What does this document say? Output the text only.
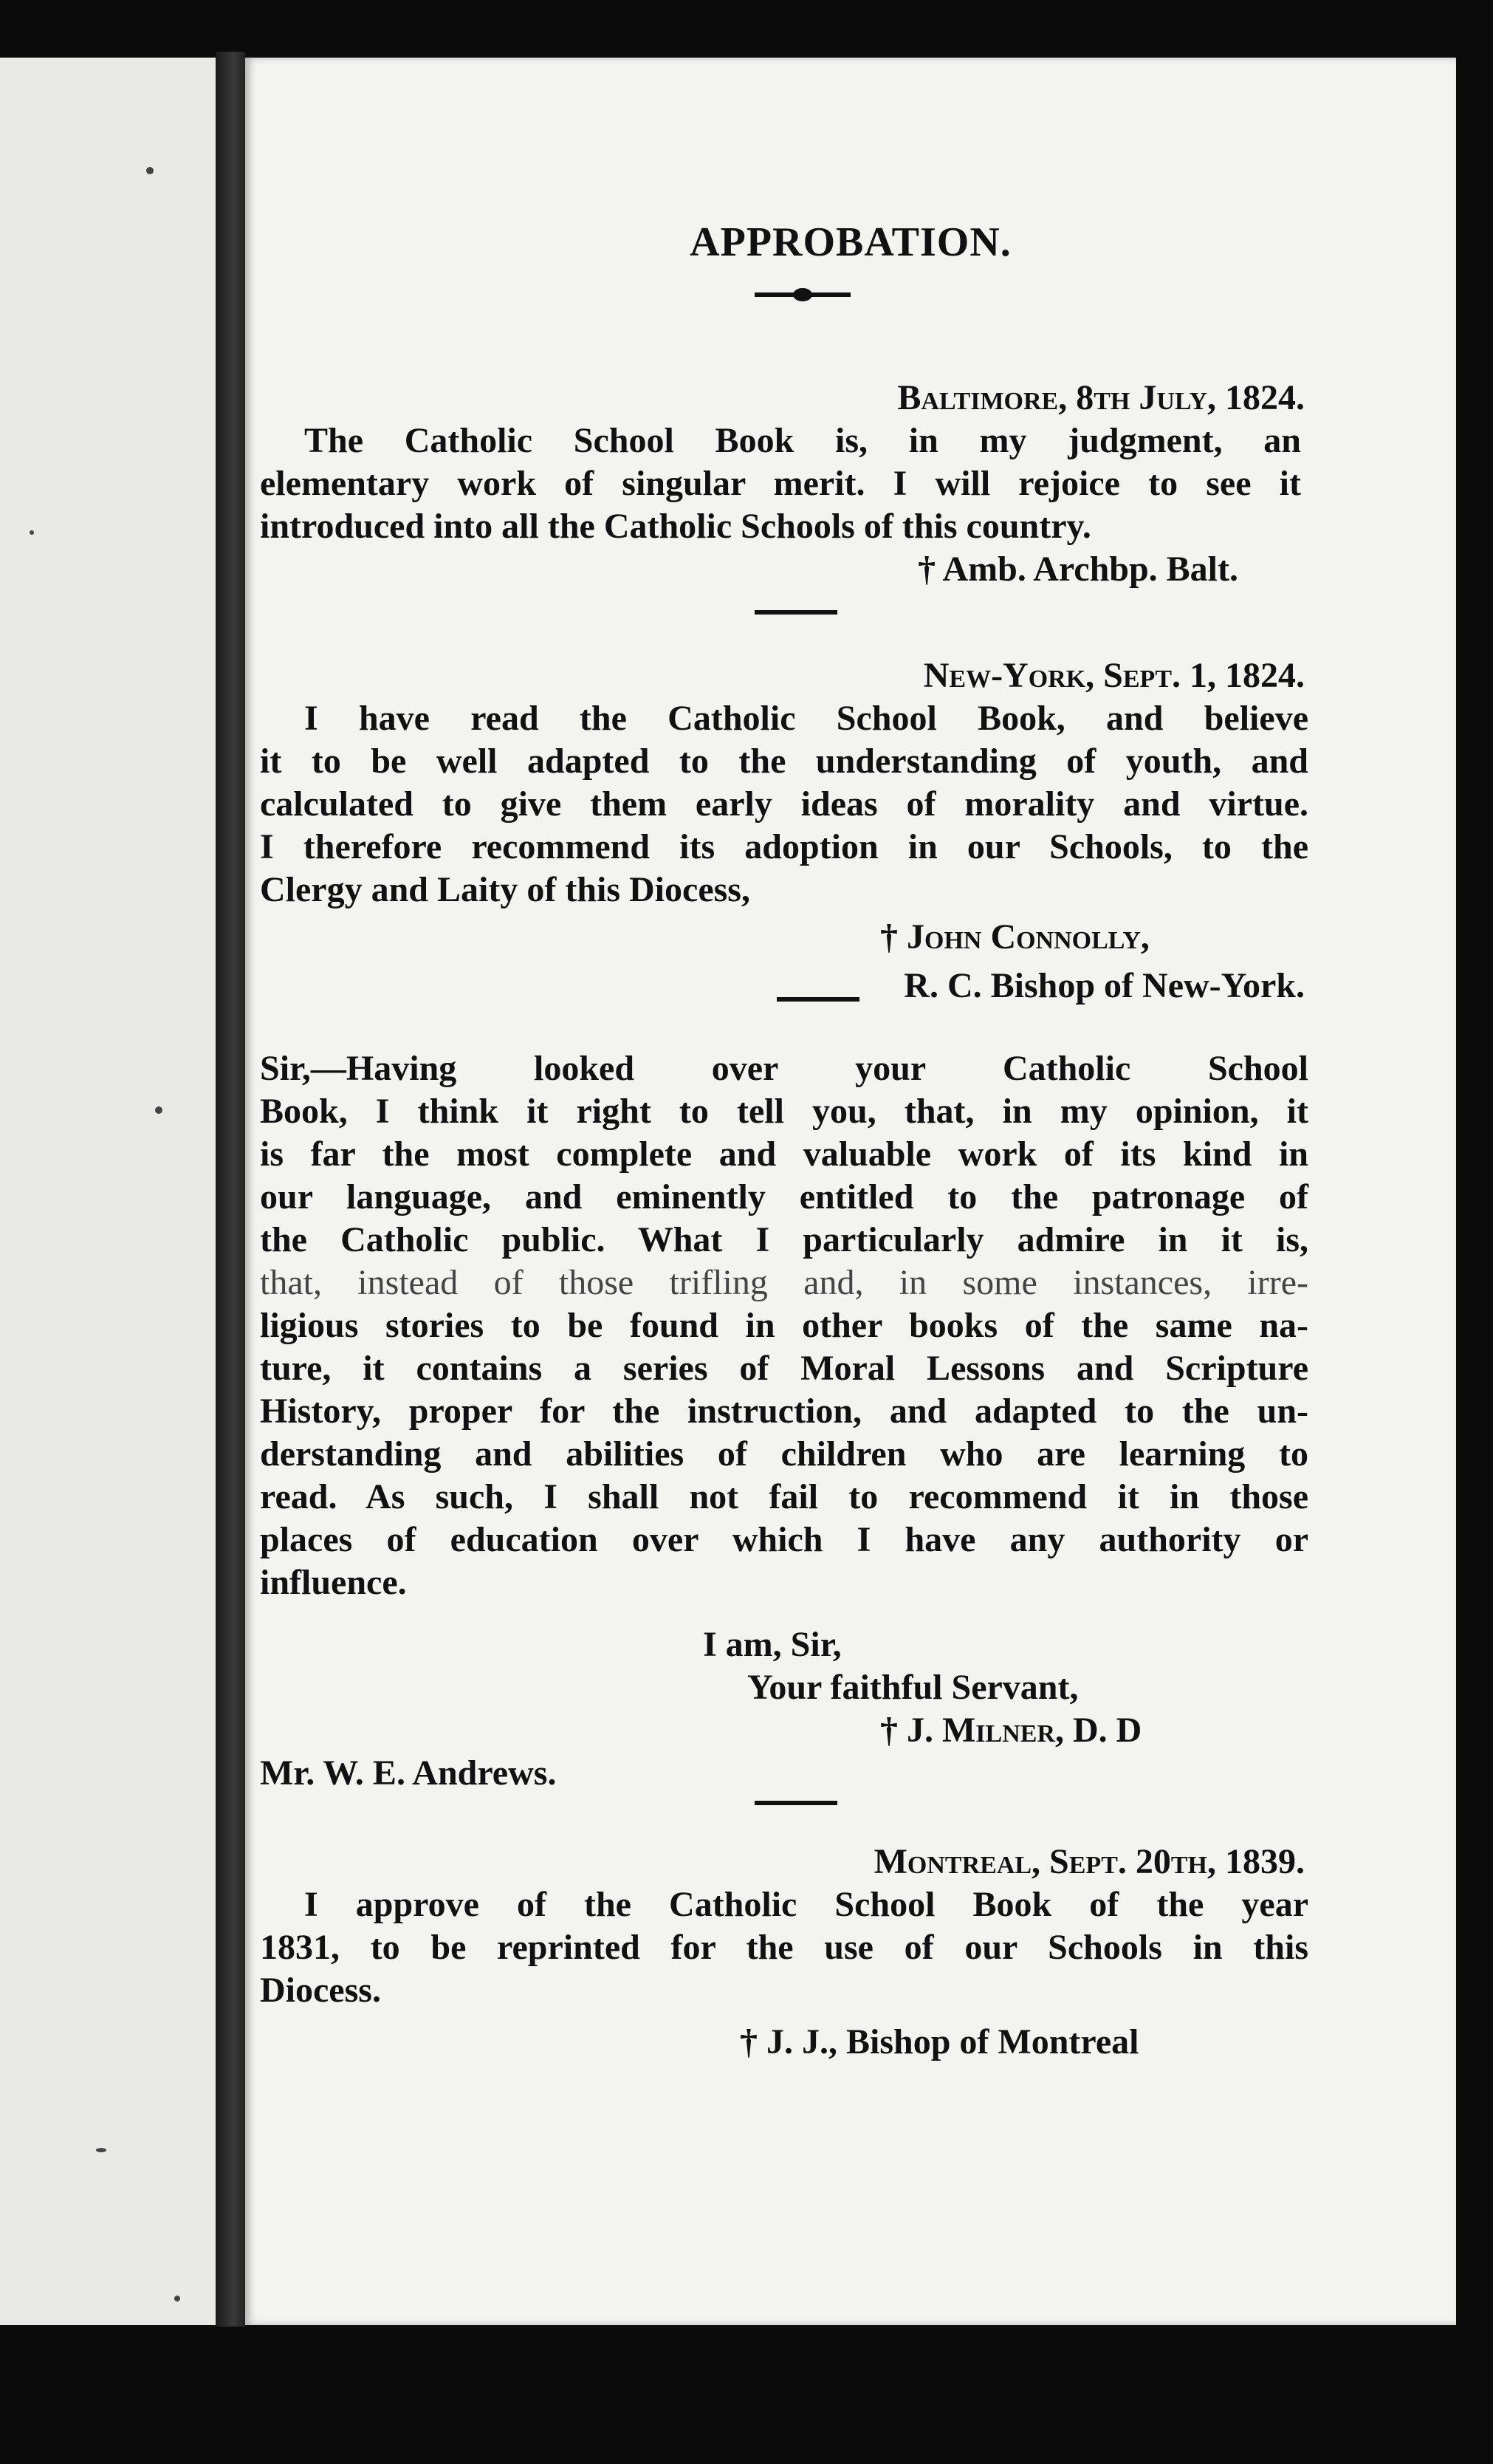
APPROBATION.
Baltimore, 8th July, 1824.
The Catholic School Book is, in my judgment, an
elementary work of singular merit. I will rejoice to see it
introduced into all the Catholic Schools of this country.
† Amb. Archbp. Balt.
New-York, Sept. 1, 1824.
I have read the Catholic School Book, and believe
it to be well adapted to the understanding of youth, and
calculated to give them early ideas of morality and virtue.
I therefore recommend its adoption in our Schools, to the
Clergy and Laity of this Diocess,
† John Connolly,
R. C. Bishop of New-York.
Sir,—Having looked over your Catholic School
Book, I think it right to tell you, that, in my opinion, it
is far the most complete and valuable work of its kind in
our language, and eminently entitled to the patronage of
the Catholic public. What I particularly admire in it is,
that, instead of those trifling and, in some instances, irre-
ligious stories to be found in other books of the same na-
ture, it contains a series of Moral Lessons and Scripture
History, proper for the instruction, and adapted to the un-
derstanding and abilities of children who are learning to
read. As such, I shall not fail to recommend it in those
places of education over which I have any authority or
influence.
I am, Sir,
Your faithful Servant,
† J. Milner, D. D
Mr. W. E. Andrews.
Montreal, Sept. 20th, 1839.
I approve of the Catholic School Book of the year
1831, to be reprinted for the use of our Schools in this
Diocess.
† J. J., Bishop of Montreal
